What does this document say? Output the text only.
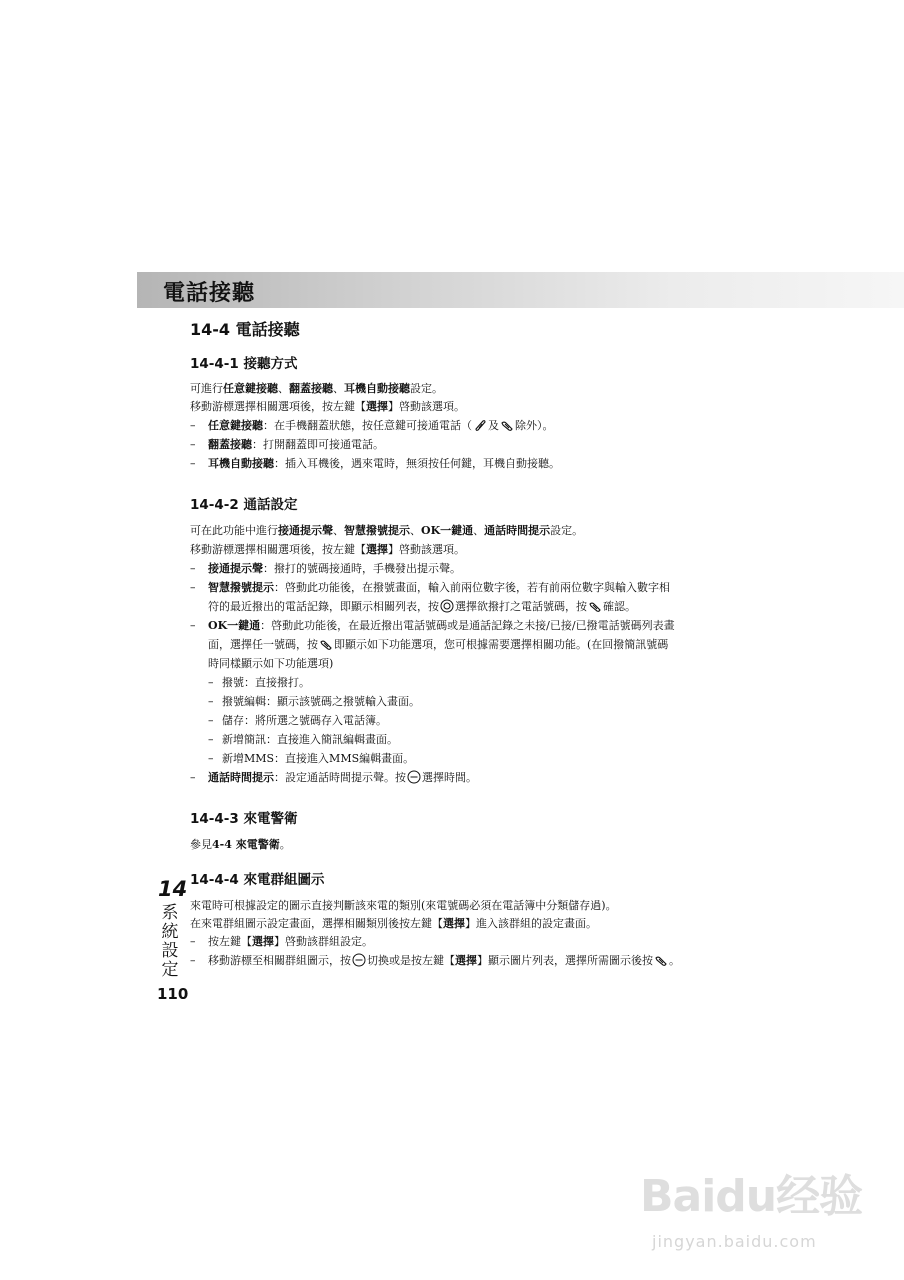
電話接聽
14-4 電話接聽
14-4-1 接聽方式
可進行任意鍵接聽、翻蓋接聽、耳機自動接聽設定。
移動游標選擇相關選項後，按左鍵【選擇】啓動該選項。
– 任意鍵接聽：在手機翻蓋狀態，按任意鍵可接通電話（ 及 除外）。
– 翻蓋接聽：打開翻蓋即可接通電話。
– 耳機自動接聽：插入耳機後，遇來電時，無須按任何鍵，耳機自動接聽。
14-4-2 通話設定
可在此功能中進行接通提示聲、智慧撥號提示、OK一鍵通、通話時間提示設定。
移動游標選擇相關選項後，按左鍵【選擇】啓動該選項。
– 接通提示聲：撥打的號碼接通時，手機發出提示聲。
– 智慧撥號提示：啓動此功能後，在撥號畫面，輸入前兩位數字後，若有前兩位數字與輸入數字相
符的最近撥出的電話記錄，即顯示相關列表，按 選擇欲撥打之電話號碼，按 確認。
– OK一鍵通：啓動此功能後，在最近撥出電話號碼或是通話記錄之未接/已接/已撥電話號碼列表畫
面，選擇任一號碼，按 即顯示如下功能選項，您可根據需要選擇相關功能。(在回撥簡訊號碼
時同樣顯示如下功能選項)
– 撥號：直接撥打。
– 撥號編輯：顯示該號碼之撥號輸入畫面。
– 儲存：將所選之號碼存入電話簿。
– 新增簡訊：直接進入簡訊編輯畫面。
– 新增MMS：直接進入MMS編輯畫面。
– 通話時間提示：設定通話時間提示聲。按 選擇時間。
14-4-3 來電警衛
參見4-4 來電警衛。
14-4-4 來電群組圖示
來電時可根據設定的圖示直接判斷該來電的類別(來電號碼必須在電話簿中分類儲存過)。
在來電群組圖示設定畫面，選擇相關類別後按左鍵【選擇】進入該群組的設定畫面。
– 按左鍵【選擇】啓動該群組設定。
– 移動游標至相關群組圖示，按 切換或是按左鍵【選擇】顯示圖片列表，選擇所需圖示後按 。
14
系統設定
110
Baidu经验
jingyan.baidu.com
